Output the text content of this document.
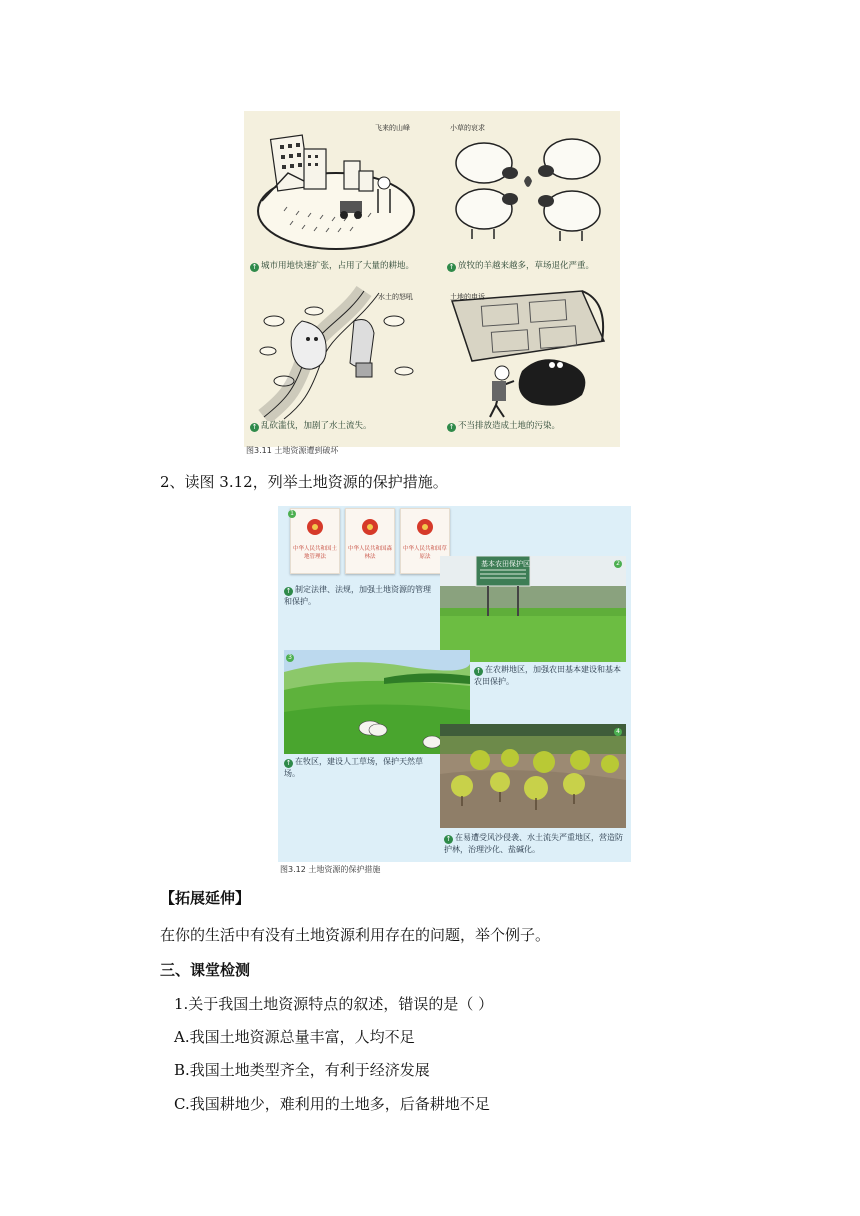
飞来的山峰
↑ 城市用地快速扩张，占用了大量的耕地。
小草的哀求
↑ 放牧的羊越来越多，草场退化严重。
水土的怒吼
↑ 乱砍滥伐，加剧了水土流失。
土地的申诉
↑ 不当排放造成土地的污染。
图3.11 土地资源遭到破坏
2、读图 3.12，列举土地资源的保护措施。
中华人民共和国土地管理法
中华人民共和国森林法
中华人民共和国草原法
1
↑ 制定法律、法规，加强土地资源的管理和保护。
基本农田保护区	2
↑ 在农耕地区，加强农田基本建设和基本农田保护。
3
↑ 在牧区，建设人工草场，保护天然草场。
4
↑ 在易遭受风沙侵袭、水土流失严重地区，营造防护林，治理沙化、盐碱化。
图3.12 土地资源的保护措施
【拓展延伸】
在你的生活中有没有土地资源利用存在的问题，举个例子。
三、课堂检测
1.关于我国土地资源特点的叙述，错误的是（ ）
A.我国土地资源总量丰富，人均不足
B.我国土地类型齐全，有利于经济发展
C.我国耕地少，难利用的土地多，后备耕地不足
